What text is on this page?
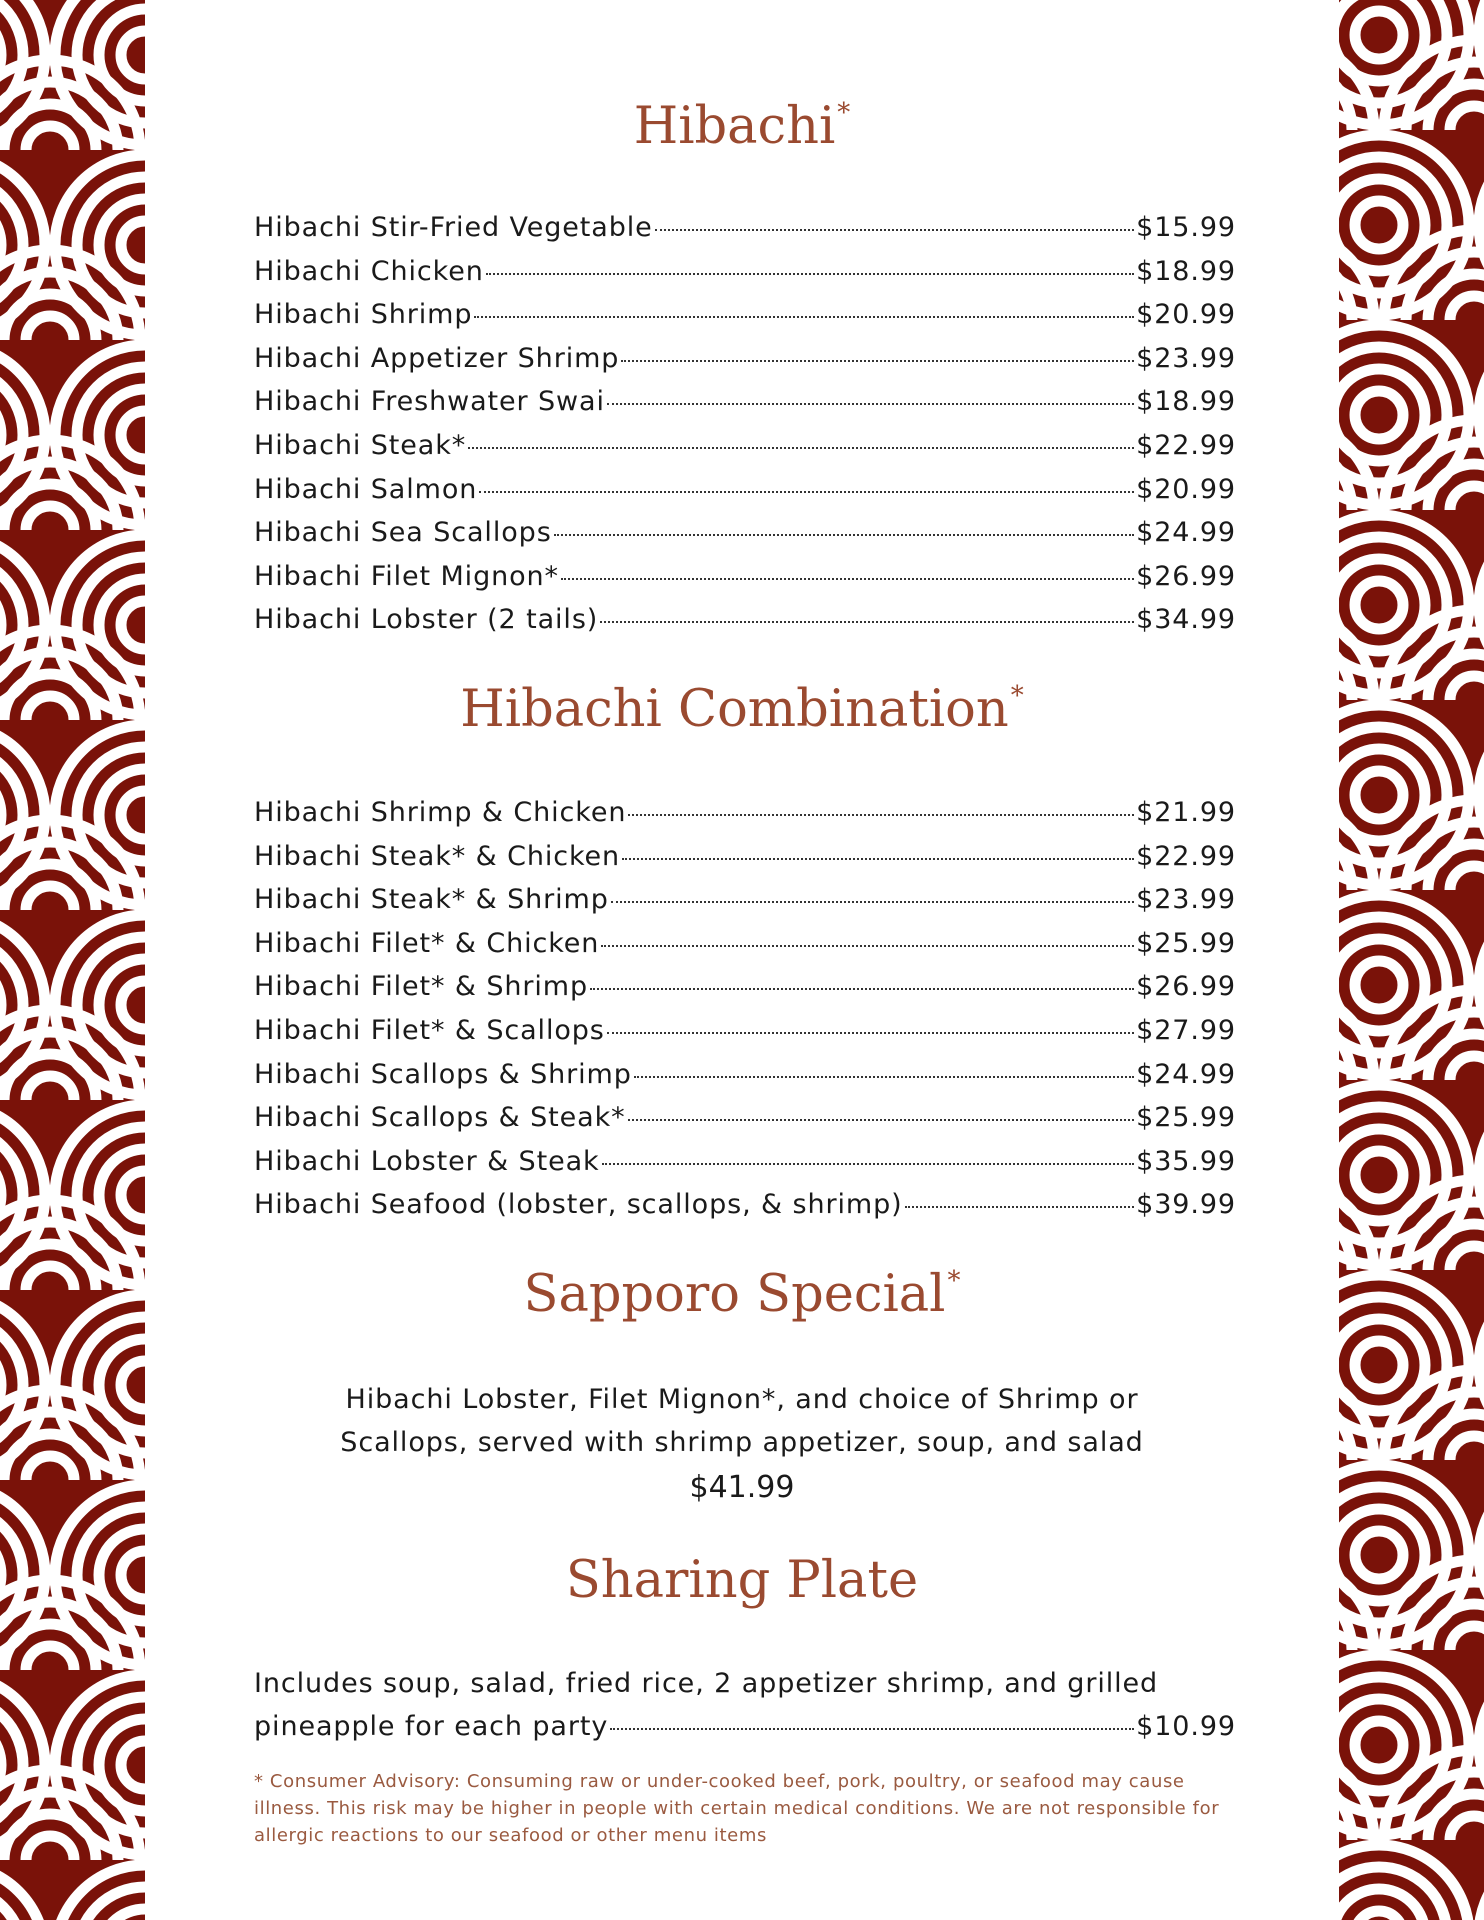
Hibachi*
Hibachi Stir-Fried Vegetable	$15.99
Hibachi Chicken	$18.99
Hibachi Shrimp	$20.99
Hibachi Appetizer Shrimp	$23.99
Hibachi Freshwater Swai	$18.99
Hibachi Steak*	$22.99
Hibachi Salmon	$20.99
Hibachi Sea Scallops	$24.99
Hibachi Filet Mignon*	$26.99
Hibachi Lobster (2 tails)	$34.99
Hibachi Combination*
Hibachi Shrimp & Chicken	$21.99
Hibachi Steak* & Chicken	$22.99
Hibachi Steak* & Shrimp	$23.99
Hibachi Filet* & Chicken	$25.99
Hibachi Filet* & Shrimp	$26.99
Hibachi Filet* & Scallops	$27.99
Hibachi Scallops & Shrimp	$24.99
Hibachi Scallops & Steak*	$25.99
Hibachi Lobster & Steak	$35.99
Hibachi Seafood (lobster, scallops, & shrimp)	$39.99
Sapporo Special*

Hibachi Lobster, Filet Mignon*, and choice of Shrimp or

Scallops, served with shrimp appetizer, soup, and salad

$41.99

Sharing Plate
Includes soup, salad, fried rice, 2 appetizer shrimp, and grilled
pineapple for each party	$10.99

* Consumer Advisory: Consuming raw or under-cooked beef, pork, poultry, or seafood may cause illness. This risk may be higher in people with certain medical conditions. We are not responsible for allergic reactions to our seafood or other menu items
